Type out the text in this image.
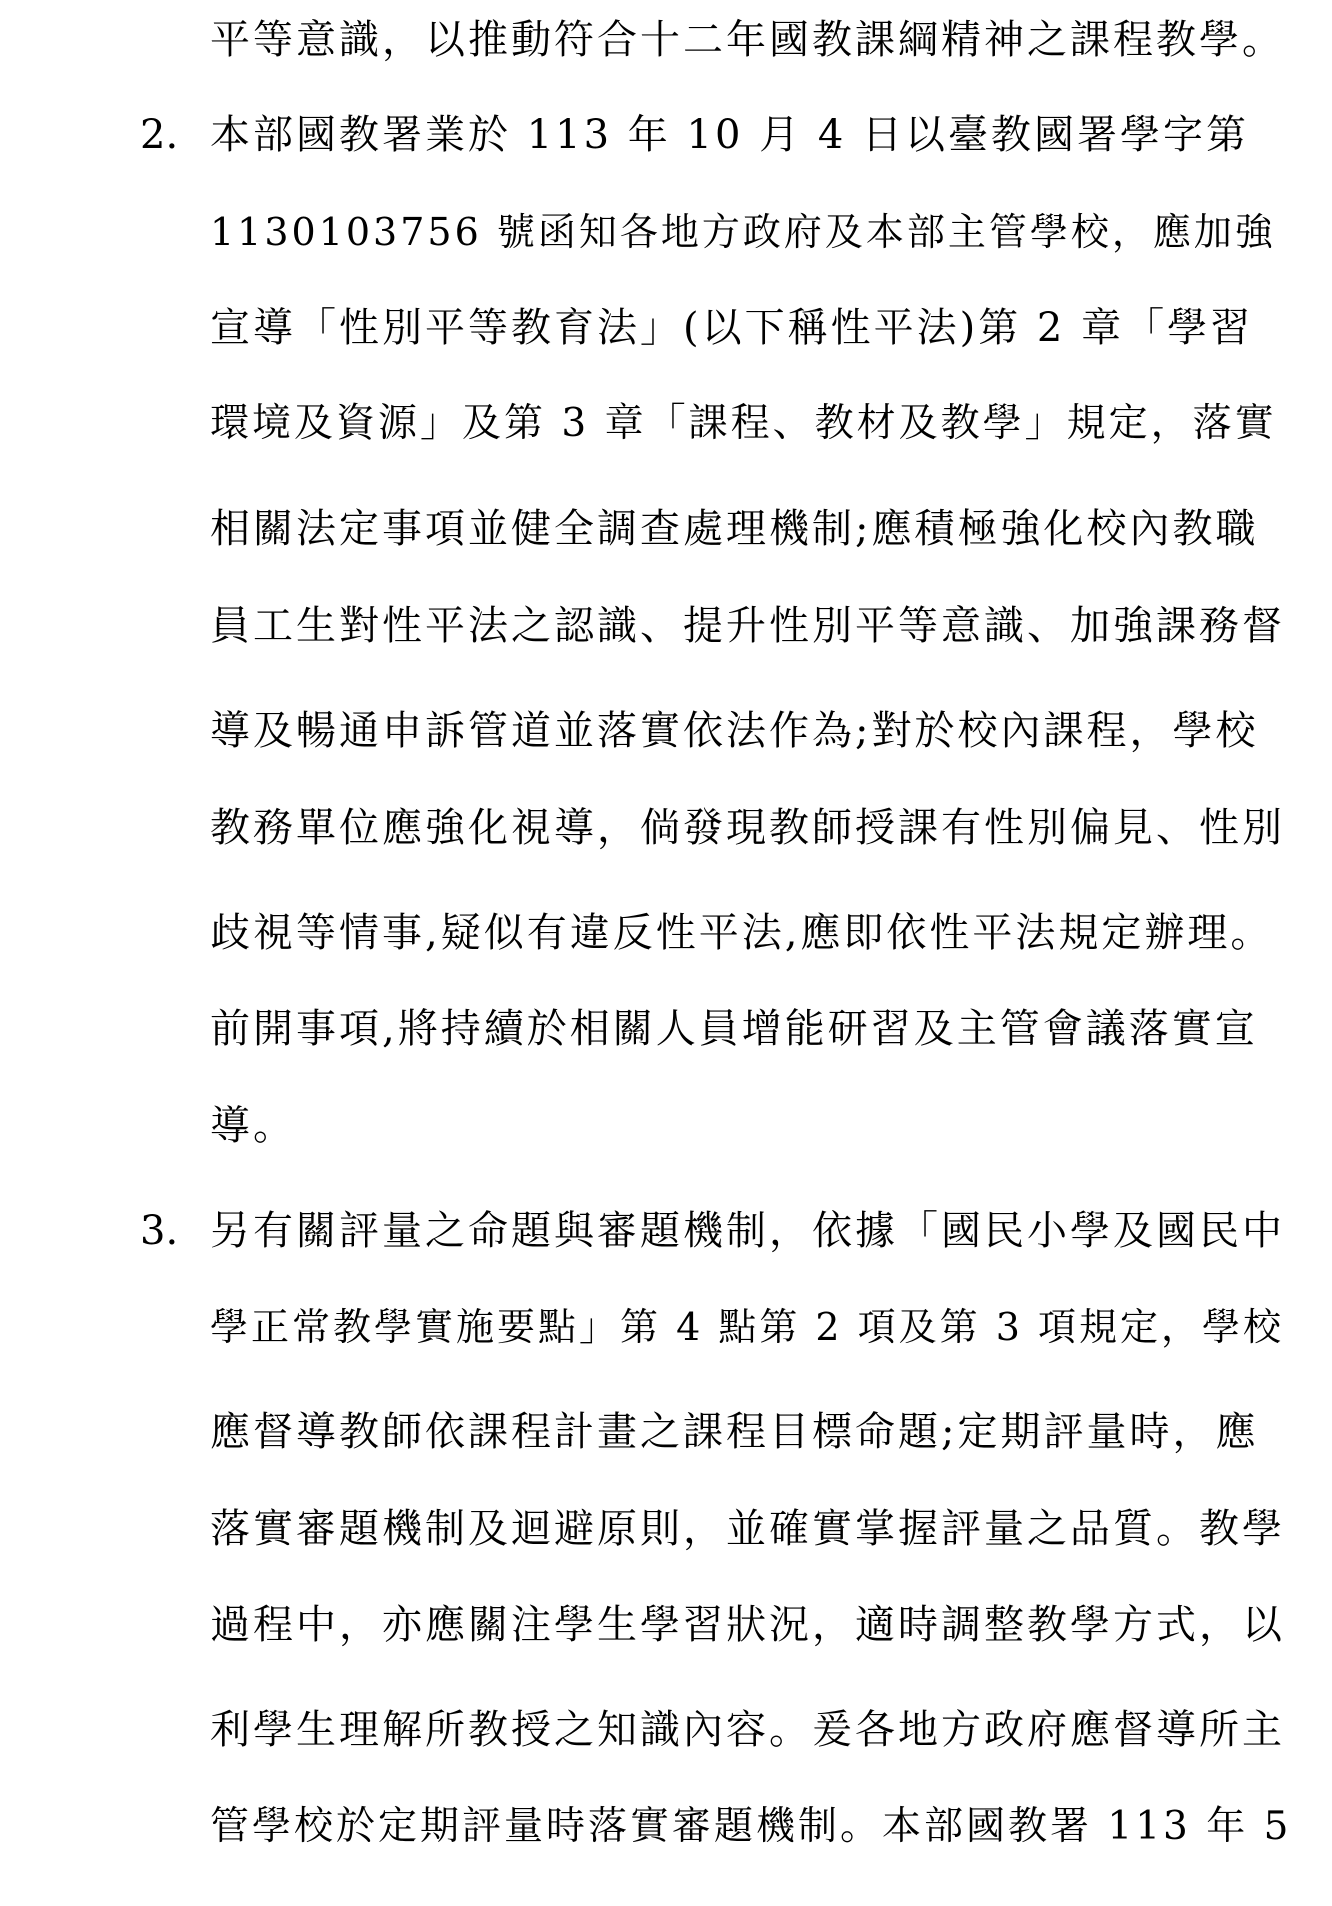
平等意識，以推動符合十二年國教課綱精神之課程教學。
2. 本部國教署業於 113 年 10 月 4 日以臺教國署學字第
1130103756 號函知各地方政府及本部主管學校，應加強
宣導「性別平等教育法」(以下稱性平法)第 2 章「學習
環境及資源」及第 3 章「課程、教材及教學」規定，落實
相關法定事項並健全調查處理機制;應積極強化校內教職
員工生對性平法之認識、提升性別平等意識、加強課務督
導及暢通申訴管道並落實依法作為;對於校內課程，學校
教務單位應強化視導，倘發現教師授課有性別偏見、性別
歧視等情事,疑似有違反性平法,應即依性平法規定辦理。
前開事項,將持續於相關人員增能研習及主管會議落實宣
導。
3. 另有關評量之命題與審題機制，依據「國民小學及國民中
學正常教學實施要點」第 4 點第 2 項及第 3 項規定，學校
應督導教師依課程計畫之課程目標命題;定期評量時，應
落實審題機制及迴避原則，並確實掌握評量之品質。教學
過程中，亦應關注學生學習狀況，適時調整教學方式，以
利學生理解所教授之知識內容。爰各地方政府應督導所主
管學校於定期評量時落實審題機制。本部國教署 113 年 5
